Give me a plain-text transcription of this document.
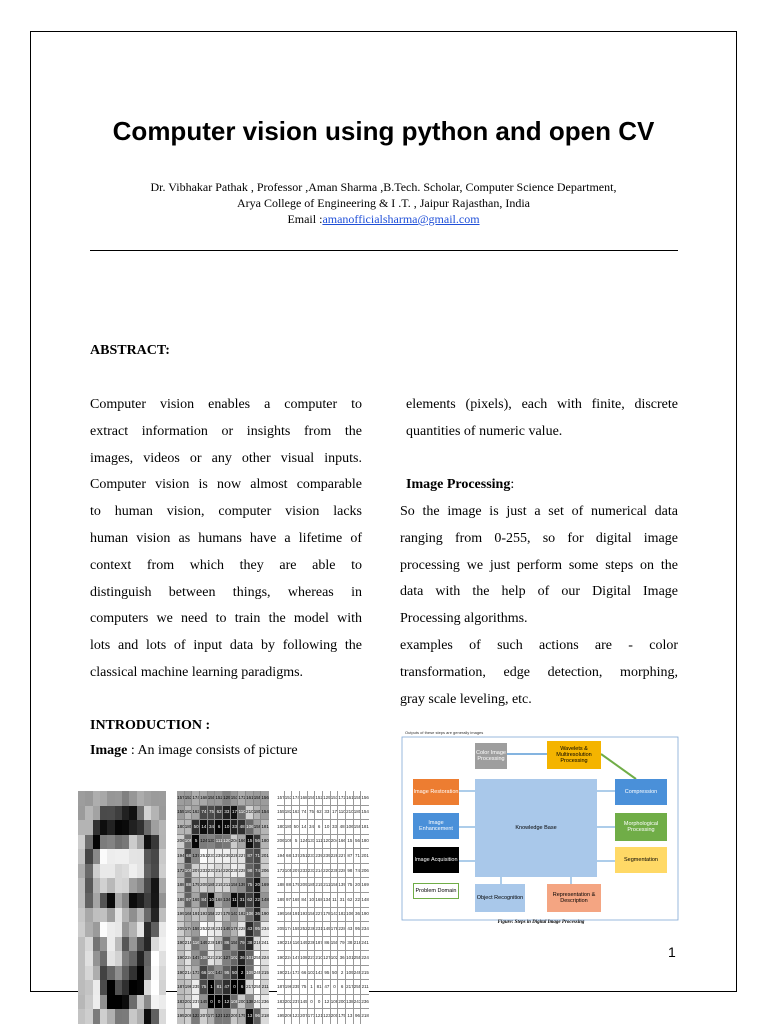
Computer vision using python and open CV
Dr. Vibhakar Pathak , Professor ,Aman Sharma ,B.Tech. Scholar, Computer Science Department,
Arya College of Engineering & I .T. , Jaipur Rajasthan, India
Email :amanofficialsharma@gmail.com
ABSTRACT:
Computer vision enables a computer to
extract information or insights from the
images, videos or any other visual inputs.
Computer vision is now almost comparable
to human vision, computer vision lacks
human vision as humans have a lifetime of
context from which they are able to
distinguish between things, whereas in
computers we need to train the model with
lots and lots of input data by following the
classical machine learning paradigms.
INTRODUCTION :
Image : An image consists of picture
elements (pixels), each with finite, discrete
quantities of numeric value.
Image Processing:
So the image is just a set of numerical data
ranging from 0-255, so for digital image
processing we just perform some steps on the
data with the help of our Digital Image
Processing algorithms.
examples of such actions are - color
transformation, edge detection, morphing,
gray scale leveling, etc.
Outputs of these steps are generally images
Color Image Processing
Wavelets & Multiresolution Processing
Compression
Image Restoration
Morphological Processing
Knowledge Base
Image Enhancement
Segmentation
Image Acquisition
Problem Domain
Object Recognition
Representation & Description
Figure: Steps in Digital Image Processing
157 153 174 168 150 152 129 151 172 161 155 156
155 182 163 74 75 62 33 17 110 210 180 154
180 180 50 14 34 6 10 33 48 106 159 181
206 109 5 124 131 111 120 204 166 15 56 180
194 68 137 251 237 239 239 228 227 87 71 201
172 105 207 233 233 214 220 239 228 98 74 206
188 88 179 209 185 215 211 158 139 75 20 169
189 97 165 84 10 168 134 11 31 62 22 148
199 168 191 193 158 227 178 143 182 106 36 190
205 174 155 252 236 231 149 178 228 43 95 234
190 216 116 149 236 187 86 150 79 38 218 241
190 224 147 108 227 210 127 102 36 101 255 224
190 214 173 66 103 143 95 50 2 109 249 215
187 196 235 75 1 81 47 0	6 217 255 211
183 202 237 145 0	0 12 108 200 138 243 236
195 206 123 207 177 121 123 200 175 13 96 218
157 153 174 168 150 152 129 151 172 161 155 156
155 182 163 74 75 62 33 17 110 210 180 154
180 180 50 14 34 6 10 33 48 106 159 181
206 109 5 124 131 111 120 204 166 15 56 180
194 68 137 251 237 239 239 228 227 87 71 201
172 105 207 233 233 214 220 239 228 98 74 206
188 88 179 209 185 215 211 158 139 75 20 169
189 97 165 84 10 168 134 11 31 62 22 148
199 168 191 193 158 227 178 143 182 106 36 190
205 174 155 252 236 231 149 178 228 43 95 234
190 216 116 149 236 187 86 150 79 38 218 241
190 224 147 108 227 210 127 102 36 101 255 224
190 214 173 66 103 143 95 50 2 109 249 215
187 196 235 75 1 81 47 0	6 217 255 211
183 202 237 145 0	0 12 108 200 138 243 236
195 206 123 207 177 121 123 200 175 13 96 218
1
